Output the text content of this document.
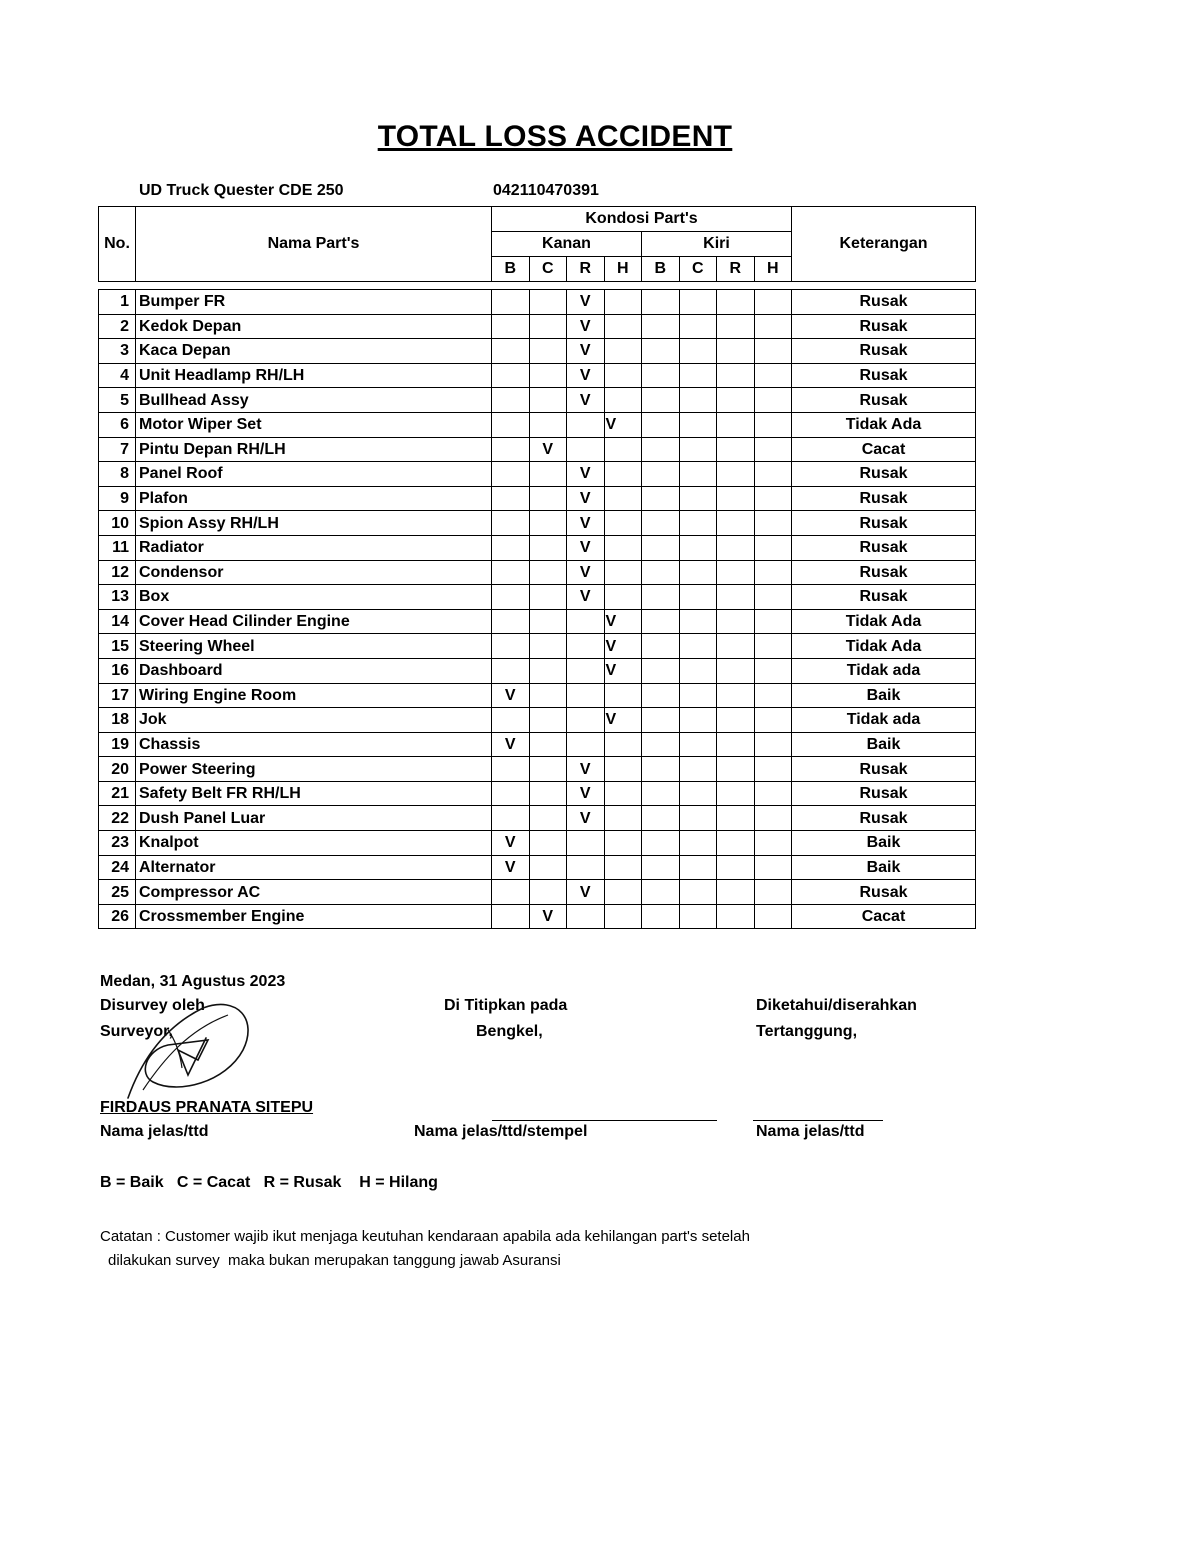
TOTAL LOSS ACCIDENT
UD Truck Quester CDE 250	042110470391
No.	Nama Part's	Kondosi Part's								Keterangan
		Kanan				Kiri				
		B	C	R	H	B	C	R	H	
1	Bumper FR			V						Rusak
2	Kedok Depan			V						Rusak
3	Kaca Depan			V						Rusak
4	Unit Headlamp RH/LH			V						Rusak
5	Bullhead Assy			V						Rusak
6	Motor Wiper Set				V					Tidak Ada
7	Pintu Depan RH/LH		V							Cacat
8	Panel Roof			V						Rusak
9	Plafon			V						Rusak
10	Spion Assy RH/LH			V						Rusak
11	Radiator			V						Rusak
12	Condensor			V						Rusak
13	Box			V						Rusak
14	Cover Head Cilinder Engine				V					Tidak Ada
15	Steering Wheel				V					Tidak Ada
16	Dashboard				V					Tidak ada
17	Wiring Engine Room	V								Baik
18	Jok				V					Tidak ada
19	Chassis	V								Baik
20	Power Steering			V						Rusak
21	Safety Belt FR RH/LH			V						Rusak
22	Dush Panel Luar			V						Rusak
23	Knalpot	V								Baik
24	Alternator	V								Baik
25	Compressor AC			V						Rusak
26	Crossmember Engine		V							Cacat
Medan, 31 Agustus 2023
Disurvey oleh
Surveyor,
FIRDAUS PRANATA SITEPU
Nama jelas/ttd
Di Titipkan pada
Bengkel,
Nama jelas/ttd/stempel
Diketahui/diserahkan
Tertanggung,
Nama jelas/ttd
B = Baik   C = Cacat   R = Rusak    H = Hilang
Catatan : Customer wajib ikut menjaga keutuhan kendaraan apabila ada kehilangan part's setelah
dilakukan survey  maka bukan merupakan tanggung jawab Asuransi
